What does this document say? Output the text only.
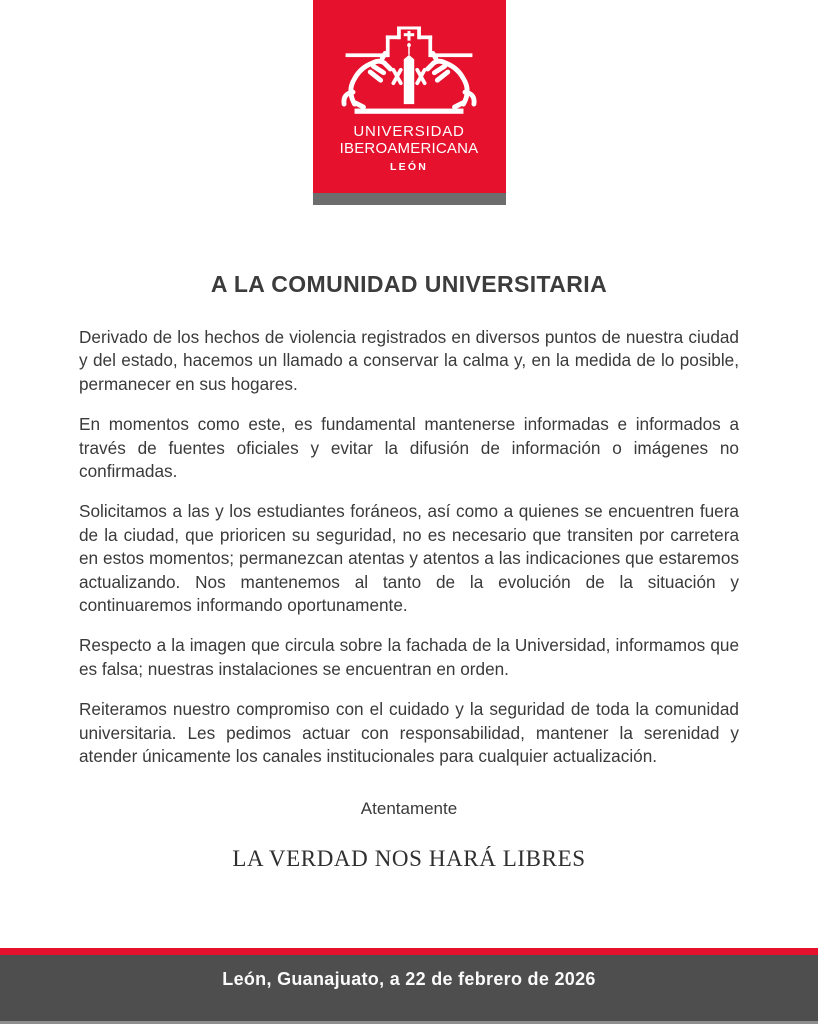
UNIVERSIDAD
IBEROAMERICANA
LEÓN
A LA COMUNIDAD UNIVERSITARIA

Derivado de los hechos de violencia registrados en diversos puntos de nuestra ciudad y del estado, hacemos un llamado a conservar la calma y, en la medida de lo posible, permanecer en sus hogares.

En momentos como este, es fundamental mantenerse informadas e informados a través de fuentes oficiales y evitar la difusión de información o imágenes no confirmadas.

Solicitamos a las y los estudiantes foráneos, así como a quienes se encuentren fuera de la ciudad, que prioricen su seguridad, no es necesario que transiten por carretera en estos momentos; permanezcan atentas y atentos a las indicaciones que estaremos actualizando. Nos mantenemos al tanto de la evolución de la situación y continuaremos informando oportunamente.

Respecto a la imagen que circula sobre la fachada de la Universidad, informamos que es falsa; nuestras instalaciones se encuentran en orden.

Reiteramos nuestro compromiso con el cuidado y la seguridad de toda la comunidad universitaria. Les pedimos actuar con responsabilidad, mantener la serenidad y atender únicamente los canales institucionales para cualquier actualización.

Atentamente
LA VERDAD NOS HARÁ LIBRES
León, Guanajuato, a 22 de febrero de 2026
